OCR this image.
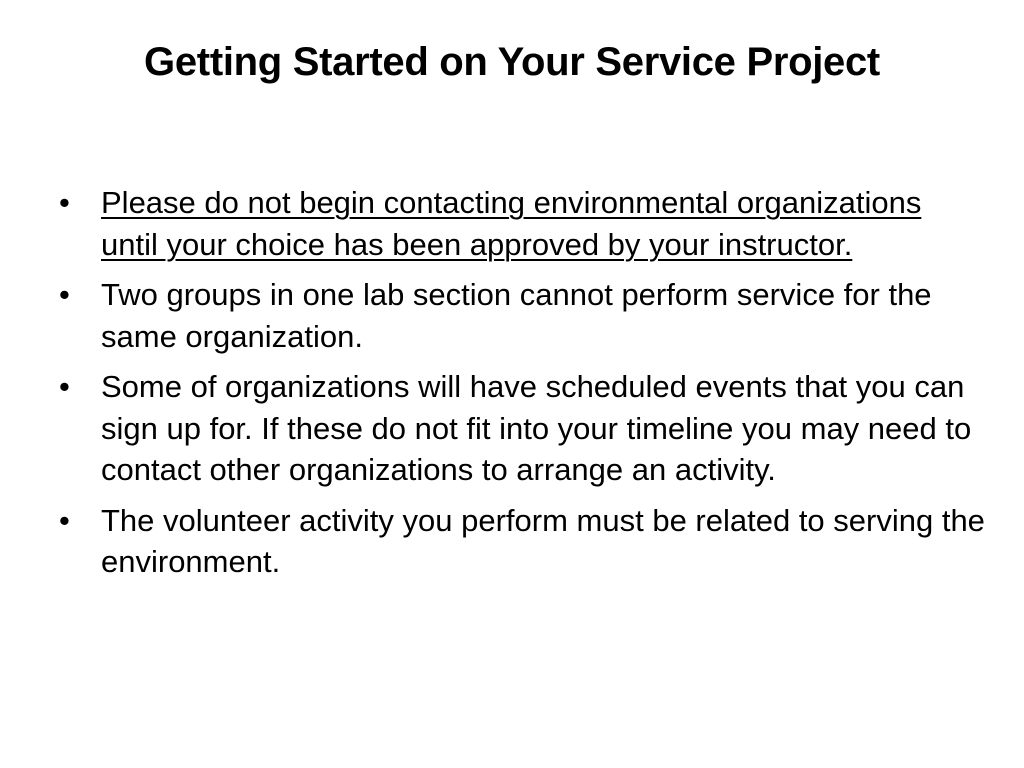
Getting Started on Your Service Project
• Please do not begin contacting environmental organizations until your choice has been approved by your instructor.
• Two groups in one lab section cannot perform service for the same organization.
• Some of organizations will have scheduled events that you can sign up for. If these do not fit into your timeline you may need to contact other organizations to arrange an activity.
• The volunteer activity you perform must be related to serving the environment.
